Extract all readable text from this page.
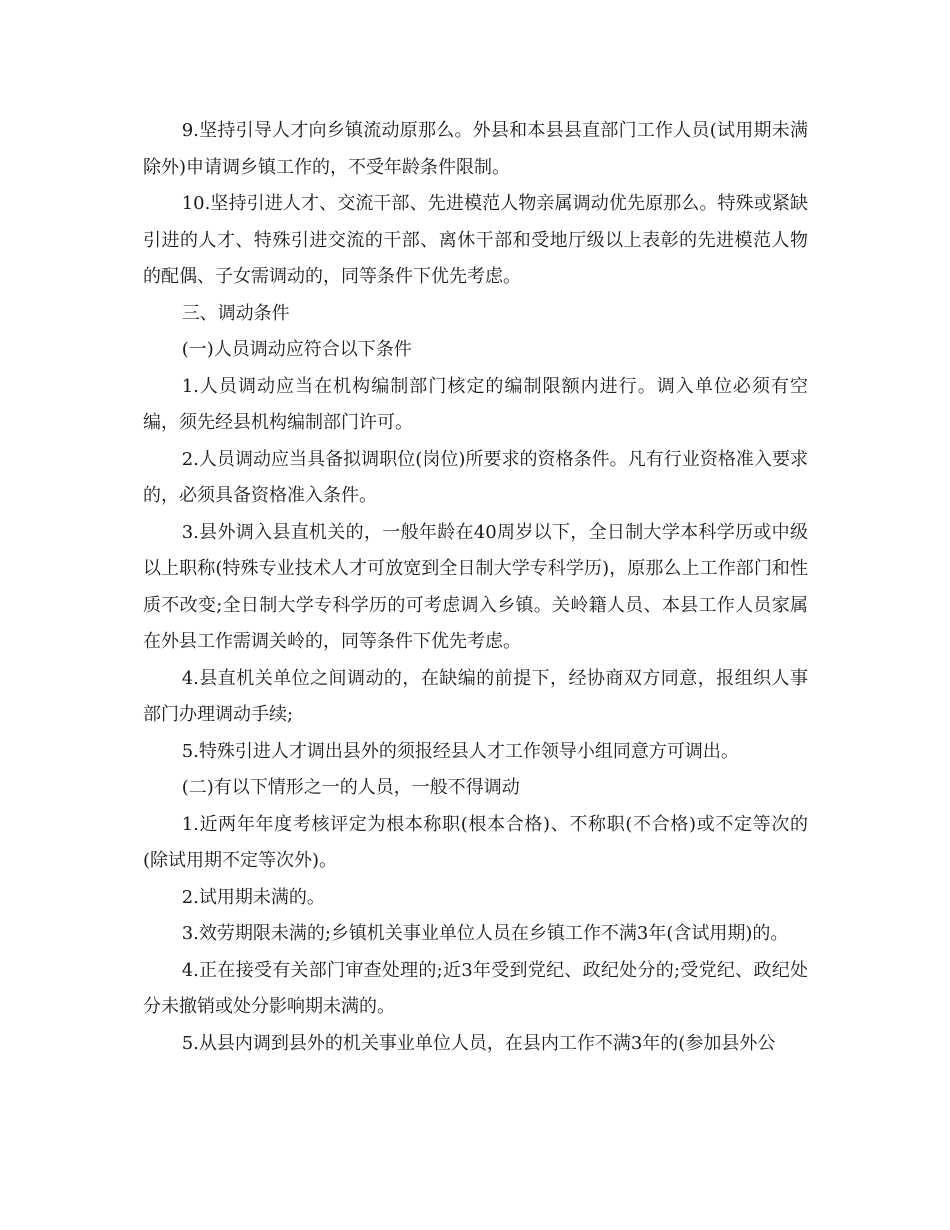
9.坚持引导人才向乡镇流动原那么。外县和本县县直部门工作人员(试用期未满除外)申请调乡镇工作的，不受年龄条件限制。

10.坚持引进人才、交流干部、先进模范人物亲属调动优先原那么。特殊或紧缺引进的人才、特殊引进交流的干部、离休干部和受地厅级以上表彰的先进模范人物的配偶、子女需调动的，同等条件下优先考虑。

三、调动条件

(一)人员调动应符合以下条件

1.人员调动应当在机构编制部门核定的编制限额内进行。调入单位必须有空编，须先经县机构编制部门许可。

2.人员调动应当具备拟调职位(岗位)所要求的资格条件。凡有行业资格准入要求的，必须具备资格准入条件。

3.县外调入县直机关的，一般年龄在40周岁以下，全日制大学本科学历或中级以上职称(特殊专业技术人才可放宽到全日制大学专科学历)，原那么上工作部门和性质不改变;全日制大学专科学历的可考虑调入乡镇。关岭籍人员、本县工作人员家属在外县工作需调关岭的，同等条件下优先考虑。

4.县直机关单位之间调动的，在缺编的前提下，经协商双方同意，报组织人事部门办理调动手续;

5.特殊引进人才调出县外的须报经县人才工作领导小组同意方可调出。

(二)有以下情形之一的人员，一般不得调动

1.近两年年度考核评定为根本称职(根本合格)、不称职(不合格)或不定等次的(除试用期不定等次外)。

2.试用期未满的。

3.效劳期限未满的;乡镇机关事业单位人员在乡镇工作不满3年(含试用期)的。

4.正在接受有关部门审查处理的;近3年受到党纪、政纪处分的;受党纪、政纪处分未撤销或处分影响期未满的。

5.从县内调到县外的机关事业单位人员，在县内工作不满3年的(参加县外公
